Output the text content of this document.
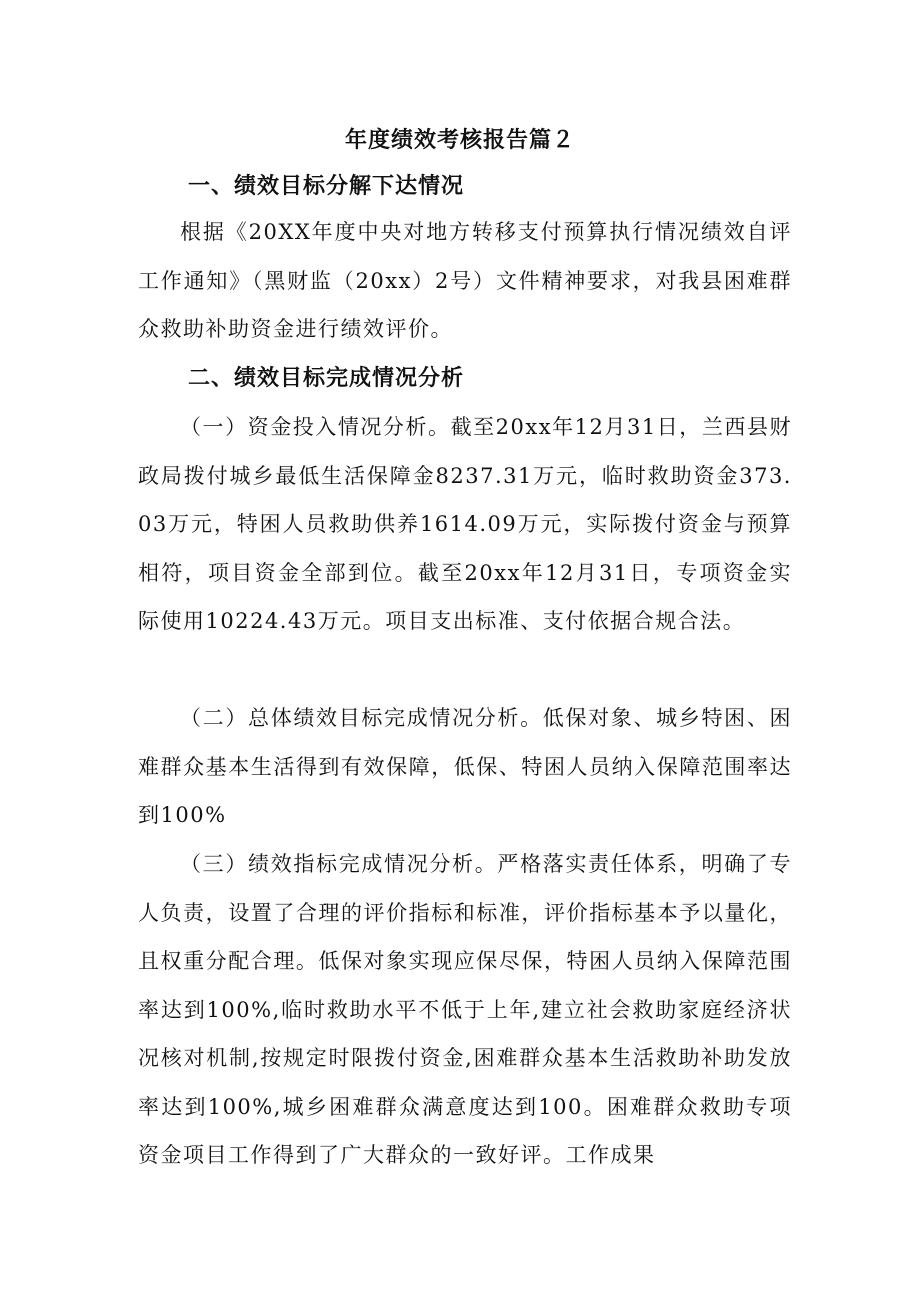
年度绩效考核报告篇２
一、绩效目标分解下达情况
根据《20XX年度中央对地方转移支付预算执行情况绩效自评工作通知》（黑财监（20xx）2号）文件精神要求，对我县困难群众救助补助资金进行绩效评价。
二、绩效目标完成情况分析
（一）资金投入情况分析。截至20xx年12月31日，兰西县财政局拨付城乡最低生活保障金8237.31万元，临时救助资金373.03万元，特困人员救助供养1614.09万元，实际拨付资金与预算相符，项目资金全部到位。截至20xx年12月31日，专项资金实际使用10224.43万元。项目支出标准、支付依据合规合法。
（二）总体绩效目标完成情况分析。低保对象、城乡特困、困难群众基本生活得到有效保障，低保、特困人员纳入保障范围率达到100%
（三）绩效指标完成情况分析。严格落实责任体系，明确了专人负责，设置了合理的评价指标和标准，评价指标基本予以量化，且权重分配合理。低保对象实现应保尽保，特困人员纳入保障范围率达到100%,临时救助水平不低于上年,建立社会救助家庭经济状况核对机制,按规定时限拨付资金,困难群众基本生活救助补助发放率达到100%,城乡困难群众满意度达到100。困难群众救助专项资金项目工作得到了广大群众的一致好评。工作成果
